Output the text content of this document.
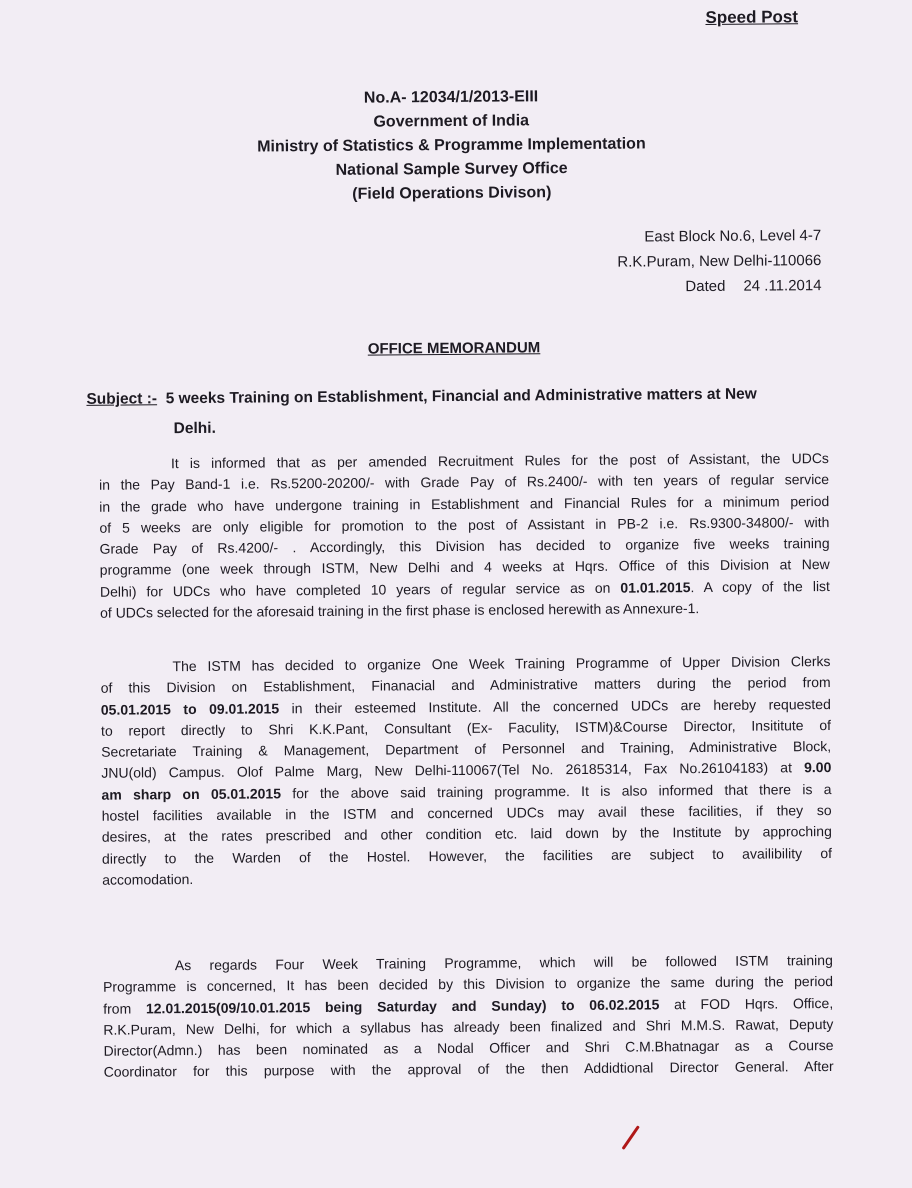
Speed Post
No.A- 12034/1/2013-EIII
Government of India
Ministry of Statistics & Programme Implementation
National Sample Survey Office
(Field Operations Divison)
East Block No.6, Level 4-7
R.K.Puram, New Delhi-110066
Dated 24 .11.2014
OFFICE MEMORANDUM
Subject :- 5 weeks Training on Establishment, Financial and Administrative matters at New
Delhi.
It is informed that as per amended Recruitment Rules for the post of Assistant, the UDCs
in the Pay Band-1 i.e. Rs.5200-20200/- with Grade Pay of Rs.2400/- with ten years of regular service
in the grade who have undergone training in Establishment and Financial Rules for a minimum period
of 5 weeks are only eligible for promotion to the post of Assistant in PB-2 i.e. Rs.9300-34800/- with
Grade Pay of Rs.4200/- . Accordingly, this Division has decided to organize five weeks training
programme (one week through ISTM, New Delhi and 4 weeks at Hqrs. Office of this Division at New
Delhi) for UDCs who have completed 10 years of regular service as on 01.01.2015. A copy of the list
of UDCs selected for the aforesaid training in the first phase is enclosed herewith as Annexure-1.
The ISTM has decided to organize One Week Training Programme of Upper Division Clerks
of this Division on Establishment, Finanacial and Administrative matters during the period from
05.01.2015 to 09.01.2015 in their esteemed Institute. All the concerned UDCs are hereby requested
to report directly to Shri K.K.Pant, Consultant (Ex- Faculity, ISTM)&Course Director, Insititute of
Secretariate Training & Management, Department of Personnel and Training, Administrative Block,
JNU(old) Campus. Olof Palme Marg, New Delhi-110067(Tel No. 26185314, Fax No.26104183) at 9.00
am sharp on 05.01.2015 for the above said training programme. It is also informed that there is a
hostel facilities available in the ISTM and concerned UDCs may avail these facilities, if they so
desires, at the rates prescribed and other condition etc. laid down by the Institute by approching
directly to the Warden of the Hostel. However, the facilities are subject to availibility of
accomodation.
As regards Four Week Training Programme, which will be followed ISTM training
Programme is concerned, It has been decided by this Division to organize the same during the period
from 12.01.2015(09/10.01.2015 being Saturday and Sunday) to 06.02.2015 at FOD Hqrs. Office,
R.K.Puram, New Delhi, for which a syllabus has already been finalized and Shri M.M.S. Rawat, Deputy
Director(Admn.) has been nominated as a Nodal Officer and Shri C.M.Bhatnagar as a Course
Coordinator for this purpose with the approval of the then Addidtional Director General. After
